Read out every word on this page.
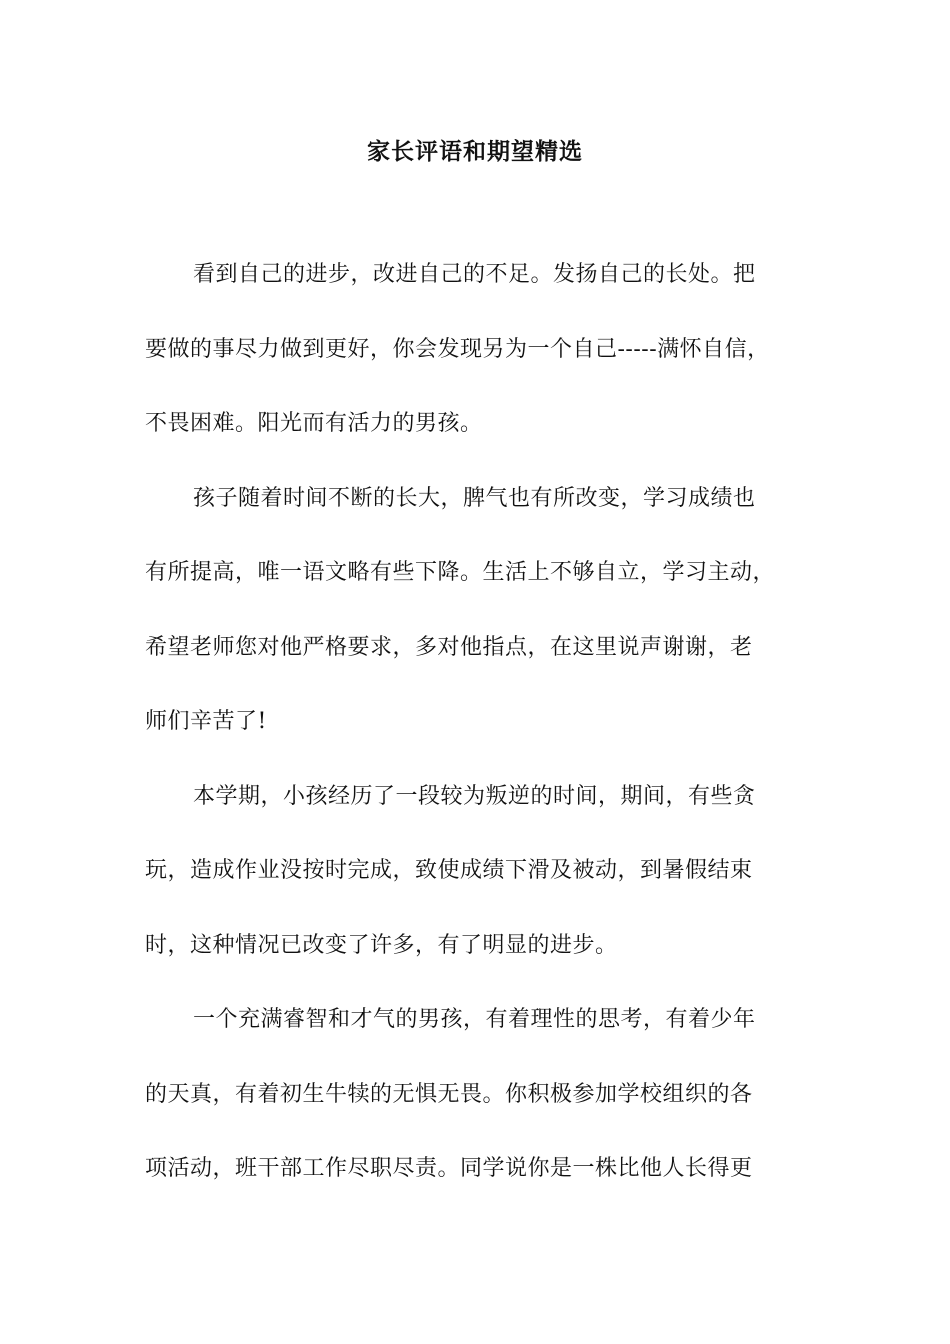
家长评语和期望精选
看到自己的进步，改进自己的不足。发扬自己的长处。把
要做的事尽力做到更好，你会发现另为一个自己-----满怀自信，
不畏困难。阳光而有活力的男孩。
孩子随着时间不断的长大，脾气也有所改变，学习成绩也
有所提高，唯一语文略有些下降。生活上不够自立，学习主动，
希望老师您对他严格要求，多对他指点，在这里说声谢谢，老
师们辛苦了!
本学期，小孩经历了一段较为叛逆的时间，期间，有些贪
玩，造成作业没按时完成，致使成绩下滑及被动，到暑假结束
时，这种情况已改变了许多，有了明显的进步。
一个充满睿智和才气的男孩，有着理性的思考，有着少年
的天真，有着初生牛犊的无惧无畏。你积极参加学校组织的各
项活动，班干部工作尽职尽责。同学说你是一株比他人长得更
